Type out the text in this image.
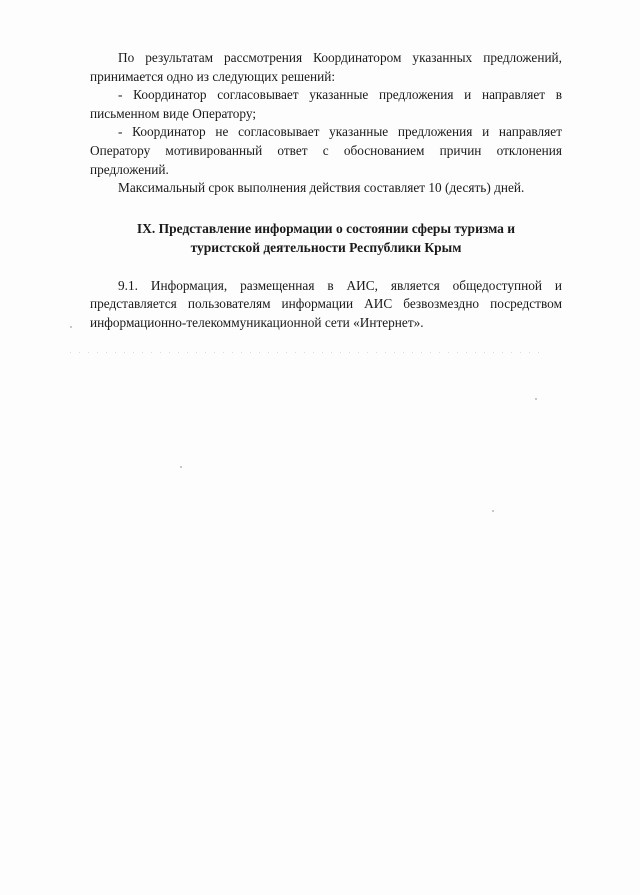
По результатам рассмотрения Координатором указанных предложений, принимается одно из следующих решений:

- Координатор согласовывает указанные предложения и направляет в письменном виде Оператору;

- Координатор не согласовывает указанные предложения и направляет Оператору мотивированный ответ с обоснованием причин отклонения предложений.

Максимальный срок выполнения действия составляет 10 (десять) дней.

IX. Представление информации о состоянии сферы туризма и
туристской деятельности Республики Крым

9.1. Информация, размещенная в АИС, является общедоступной и представляется пользователям информации АИС безвозмездно посредством информационно-телекоммуникационной сети «Интернет».
